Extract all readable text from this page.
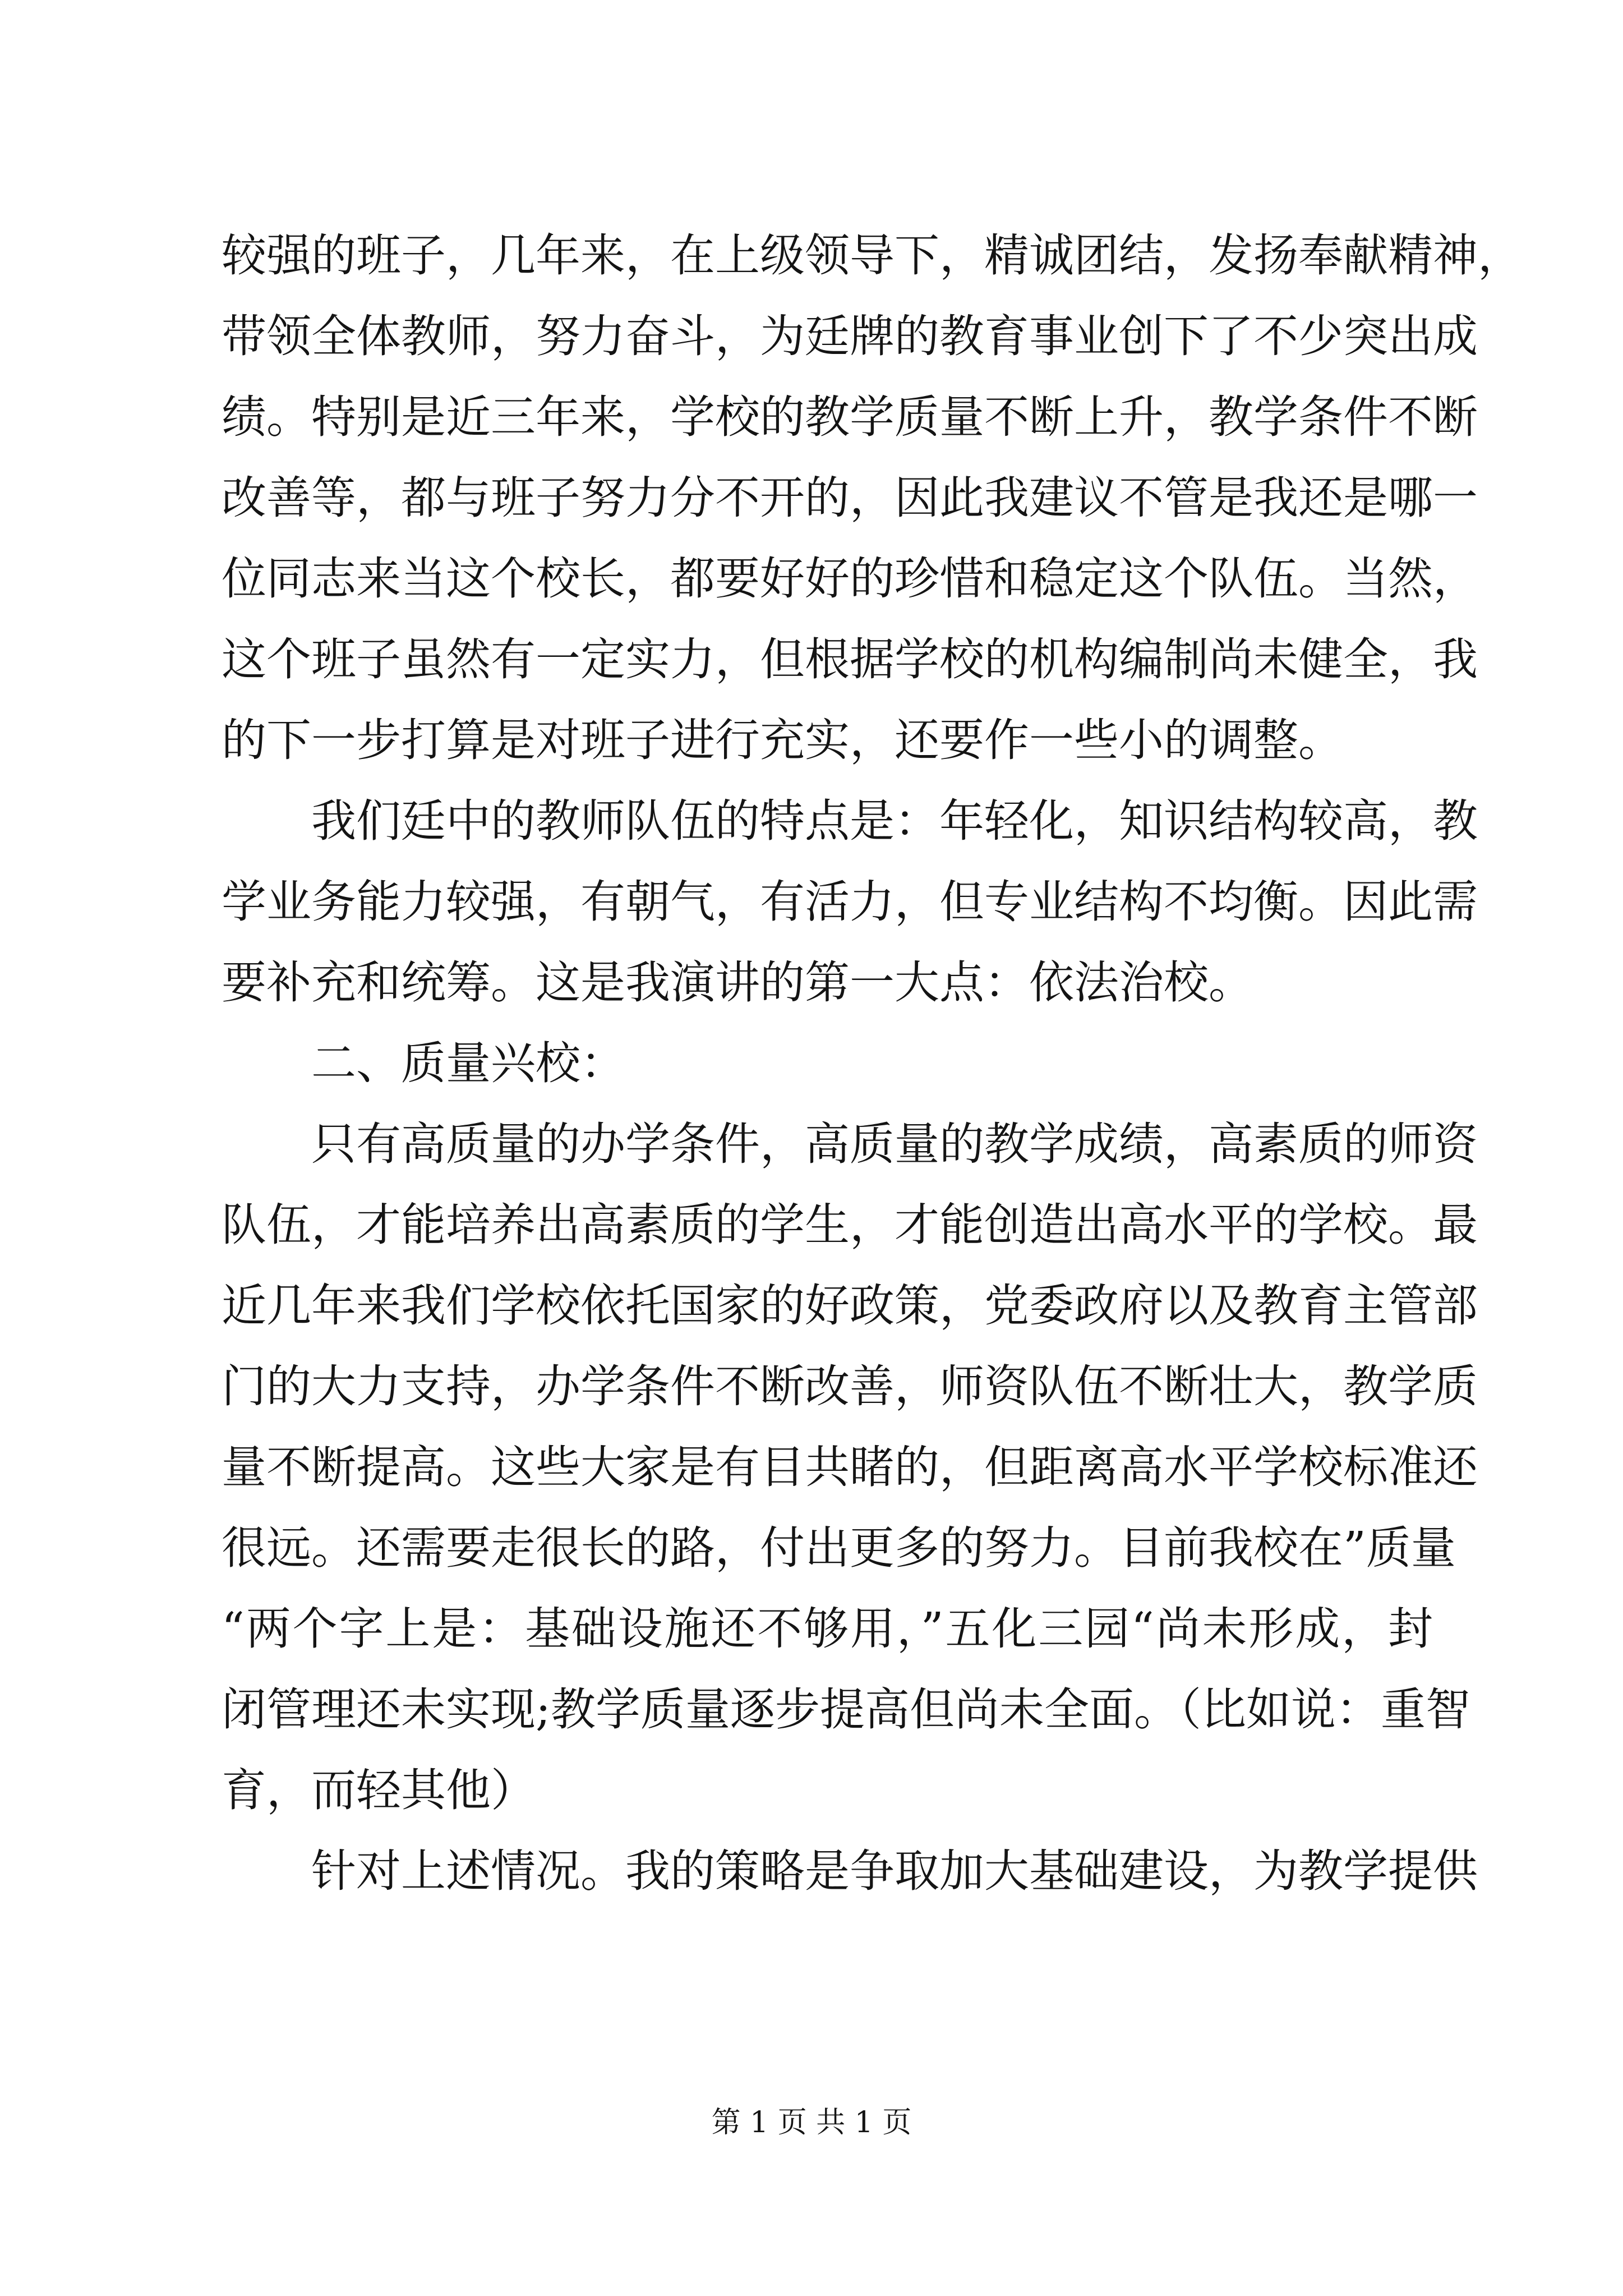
较强的班子，几年来，在上级领导下，精诚团结，发扬奉献精神，
带领全体教师，努力奋斗，为廷牌的教育事业创下了不少突出成
绩。特别是近三年来，学校的教学质量不断上升，教学条件不断
改善等，都与班子努力分不开的，因此我建议不管是我还是哪一
位同志来当这个校长，都要好好的珍惜和稳定这个队伍。当然，
这个班子虽然有一定实力，但根据学校的机构编制尚未健全，我
的下一步打算是对班子进行充实，还要作一些小的调整。
我们廷中的教师队伍的特点是：年轻化，知识结构较高，教
学业务能力较强，有朝气，有活力，但专业结构不均衡。因此需
要补充和统筹。这是我演讲的第一大点：依法治校。
二、质量兴校：
只有高质量的办学条件，高质量的教学成绩，高素质的师资
队伍，才能培养出高素质的学生，才能创造出高水平的学校。最
近几年来我们学校依托国家的好政策，党委政府以及教育主管部
门的大力支持，办学条件不断改善，师资队伍不断壮大，教学质
量不断提高。这些大家是有目共睹的，但距离高水平学校标准还
很远。还需要走很长的路，付出更多的努力。目前我校在”质量
“两个字上是：基础设施还不够用，”五化三园“尚未形成，封
闭管理还未实现;教学质量逐步提高但尚未全面。（比如说：重智
育，而轻其他）
针对上述情况。我的策略是争取加大基础建设，为教学提供
第 1 页 共 1 页
